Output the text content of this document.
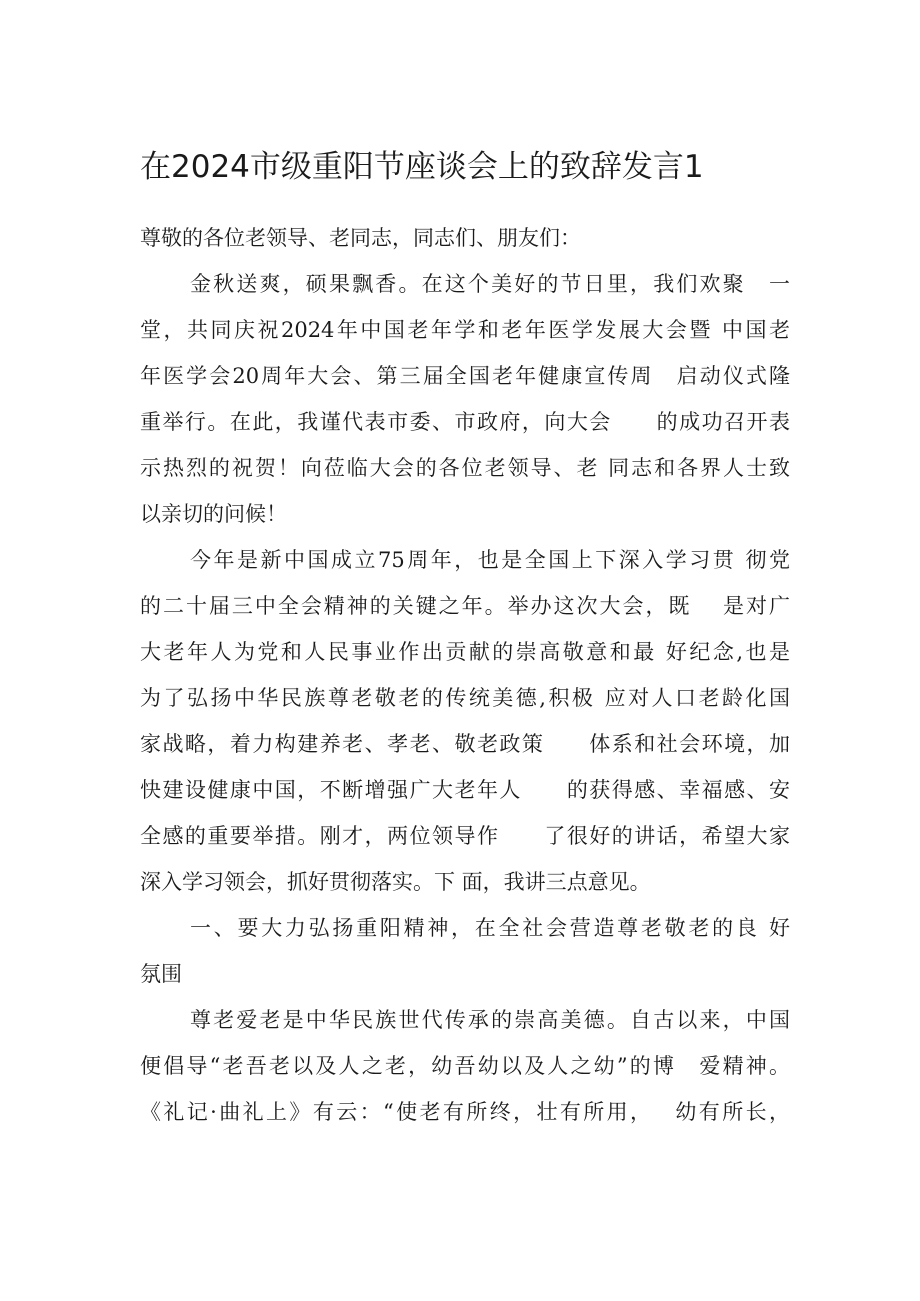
在2024市级重阳节座谈会上的致辞发言1
尊敬的各位老领导、老同志，同志们、朋友们：
金秋送爽，硕果飘香。在这个美好的节日里，我们欢聚　一
堂，共同庆祝2024年中国老年学和老年医学发展大会暨 中国老
年医学会20周年大会、第三届全国老年健康宣传周　启动仪式隆
重举行。在此，我谨代表市委、市政府，向大会　　的成功召开表
示热烈的祝贺！向莅临大会的各位老领导、老 同志和各界人士致
以亲切的问候！
今年是新中国成立75周年，也是全国上下深入学习贯 彻党
的二十届三中全会精神的关键之年。举办这次大会，既　 是对广
大老年人为党和人民事业作出贡献的崇高敬意和最 好纪念,也是
为了弘扬中华民族尊老敬老的传统美德,积极 应对人口老龄化国
家战略，着力构建养老、孝老、敬老政策　　体系和社会环境，加
快建设健康中国，不断增强广大老年人　　的获得感、幸福感、安
全感的重要举措。刚才，两位领导作　　了很好的讲话，希望大家
深入学习领会，抓好贯彻落实。下 面，我讲三点意见。
一、要大力弘扬重阳精神，在全社会营造尊老敬老的良 好
氛围
尊老爱老是中华民族世代传承的崇高美德。自古以来，中国
便倡导“老吾老以及人之老，幼吾幼以及人之幼”的博　爱精神。
《礼记·曲礼上》有云：“使老有所终，壮有所用，　 幼有所长，
